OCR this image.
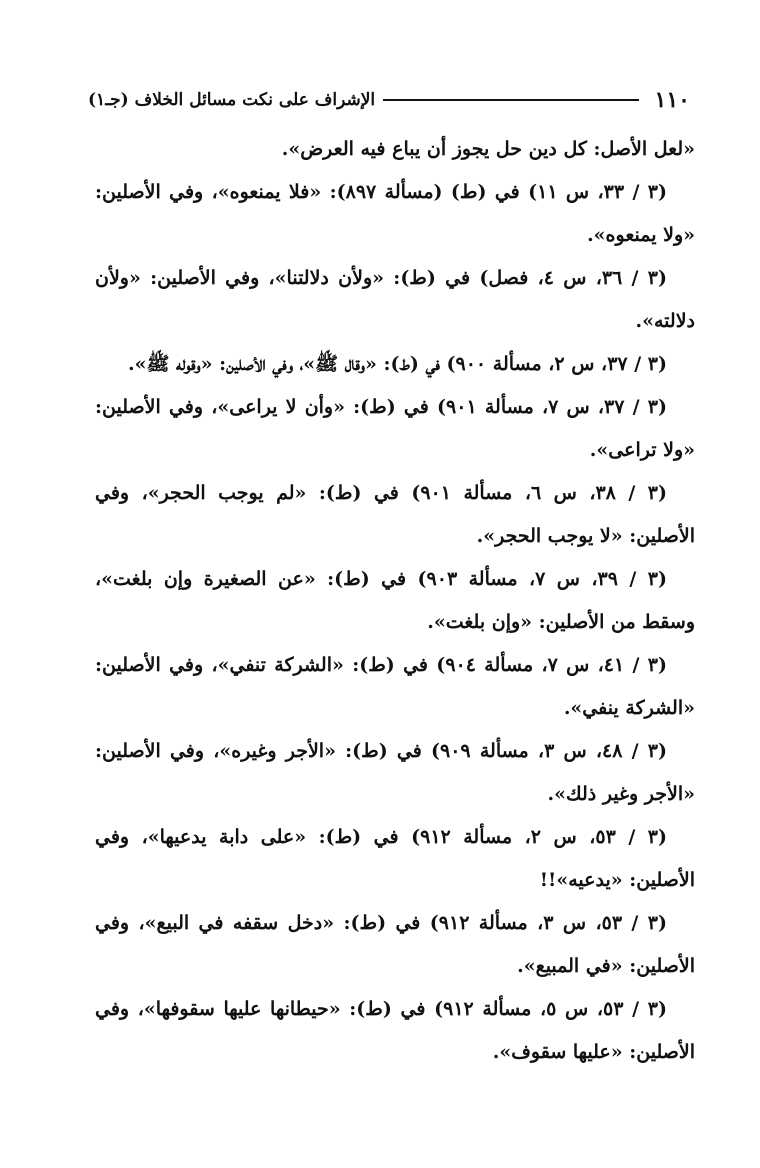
١١٠
الإشراف على نكت مسائل الخلاف (جـ١)

«لعل الأصل: كل دين حل يجوز أن يباع فيه العرض».

(٣ / ٣٣، س ١١) في (ط) (مسألة ٨٩٧): «فلا يمنعوه»، وفي الأصلين: «ولا يمنعوه».

(٣ / ٣٦، س ٤، فصل) في (ط): «ولأن دلالتنا»، وفي الأصلين: «ولأن دلالته».

(٣ / ٣٧، س ٢، مسألة ٩٠٠) في (ط): «وقال ﷺ»، وفي الأصلين: «وقوله ﷺ».

(٣ / ٣٧، س ٧، مسألة ٩٠١) في (ط): «وأن لا يراعى»، وفي الأصلين: «ولا تراعى».

(٣ / ٣٨، س ٦، مسألة ٩٠١) في (ط): «لم يوجب الحجر»، وفي الأصلين: «لا يوجب الحجر».

(٣ / ٣٩، س ٧، مسألة ٩٠٣) في (ط): «عن الصغيرة وإن بلغت»، وسقط من الأصلين: «وإن بلغت».

(٣ / ٤١، س ٧، مسألة ٩٠٤) في (ط): «الشركة تنفي»، وفي الأصلين: «الشركة ينفي».

(٣ / ٤٨، س ٣، مسألة ٩٠٩) في (ط): «الأجر وغيره»، وفي الأصلين: «الأجر وغير ذلك».

(٣ / ٥٣، س ٢، مسألة ٩١٢) في (ط): «على دابة يدعيها»، وفي الأصلين: «يدعيه»!!

(٣ / ٥٣، س ٣، مسألة ٩١٢) في (ط): «دخل سقفه في البيع»، وفي الأصلين: «في المبيع».

(٣ / ٥٣، س ٥، مسألة ٩١٢) في (ط): «حيطانها عليها سقوفها»، وفي الأصلين: «عليها سقوف».
